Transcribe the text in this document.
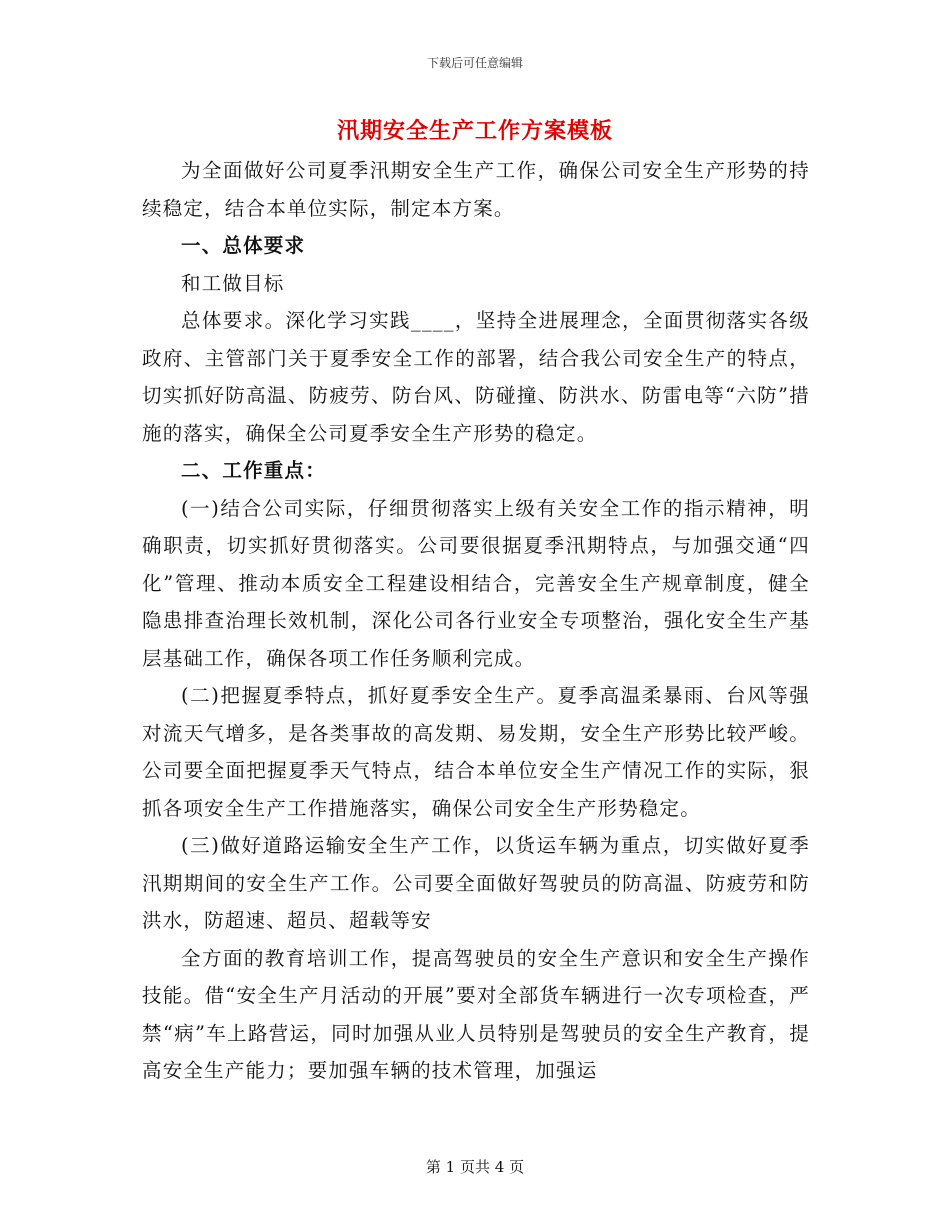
下载后可任意编辑
汛期安全生产工作方案模板

为全面做好公司夏季汛期安全生产工作，确保公司安全生产形势的持续稳定，结合本单位实际，制定本方案。

一、总体要求

和工做目标

总体要求。深化学习实践____，坚持全进展理念，全面贯彻落实各级政府、主管部门关于夏季安全工作的部署，结合我公司安全生产的特点，切实抓好防高温、防疲劳、防台风、防碰撞、防洪水、防雷电等“六防”措施的落实，确保全公司夏季安全生产形势的稳定。

二、工作重点：

(一)结合公司实际，仔细贯彻落实上级有关安全工作的指示精神，明确职责，切实抓好贯彻落实。公司要很据夏季汛期特点，与加强交通“四化”管理、推动本质安全工程建设相结合，完善安全生产规章制度，健全隐患排查治理长效机制，深化公司各行业安全专项整治，强化安全生产基层基础工作，确保各项工作任务顺利完成。

(二)把握夏季特点，抓好夏季安全生产。夏季高温柔暴雨、台风等强对流天气增多，是各类事故的高发期、易发期，安全生产形势比较严峻。公司要全面把握夏季天气特点，结合本单位安全生产情况工作的实际，狠抓各项安全生产工作措施落实，确保公司安全生产形势稳定。

(三)做好道路运输安全生产工作，以货运车辆为重点，切实做好夏季汛期期间的安全生产工作。公司要全面做好驾驶员的防高温、防疲劳和防洪水，防超速、超员、超载等安

全方面的教育培训工作，提高驾驶员的安全生产意识和安全生产操作技能。借“安全生产月活动的开展”要对全部货车辆进行一次专项检查，严禁“病”车上路营运，同时加强从业人员特别是驾驶员的安全生产教育，提高安全生产能力；要加强车辆的技术管理，加强运

第 1 页共 4 页
